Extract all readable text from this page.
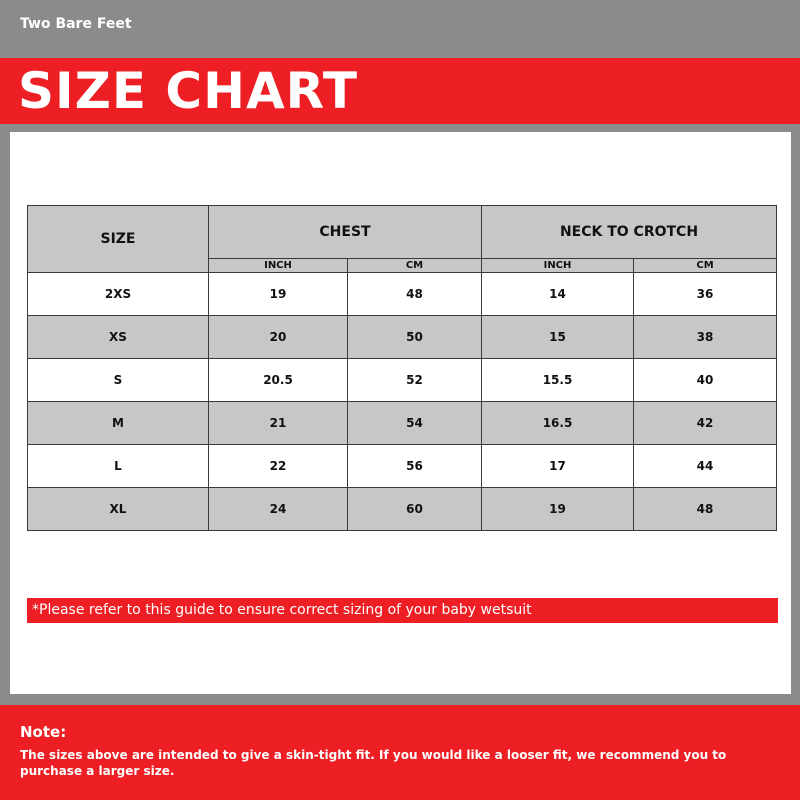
Two Bare Feet
SIZE CHART
SIZE	CHEST		NECK TO CROTCH	
	INCH	CM	INCH	CM
2XS	19	48	14	36
XS	20	50	15	38
S	20.5	52	15.5	40
M	21	54	16.5	42
L	22	56	17	44
XL	24	60	19	48
*Please refer to this guide to ensure correct sizing of your baby wetsuit
Note:
The sizes above are intended to give a skin-tight fit. If you would like a looser fit, we recommend you to purchase a larger size.
